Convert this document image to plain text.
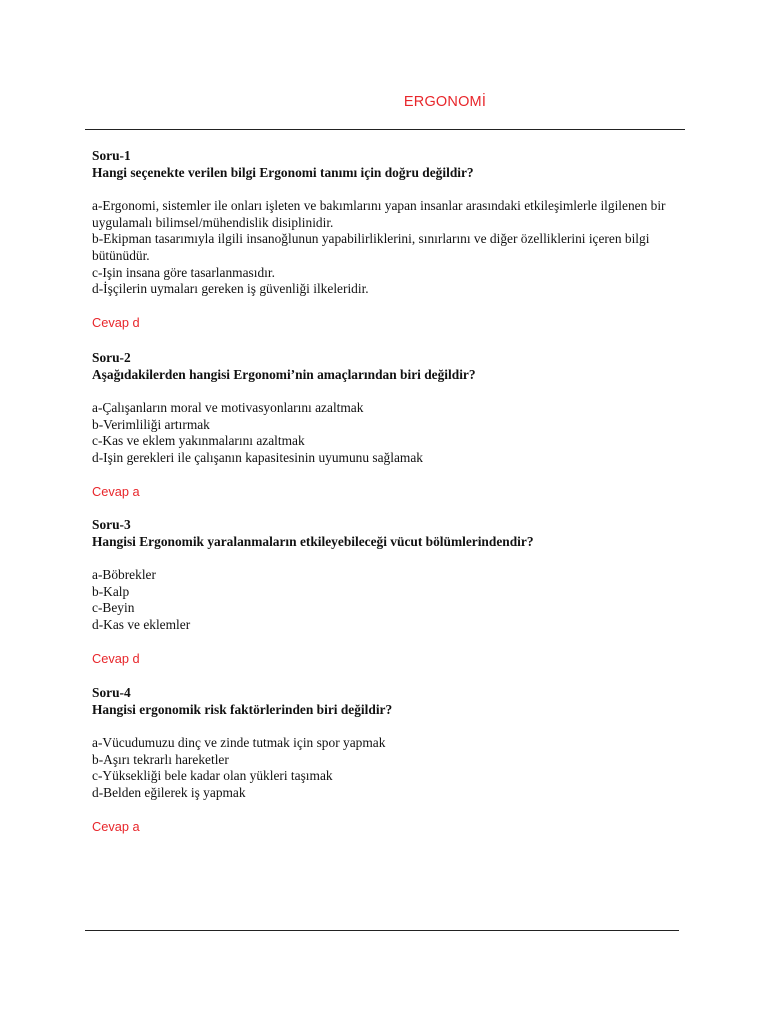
ERGONOMİ
Soru-1
Hangi seçenekte verilen bilgi Ergonomi tanımı için doğru değildir?
a-Ergonomi, sistemler ile onları işleten ve bakımlarını yapan insanlar arasındaki etkileşimlerle ilgilenen bir uygulamalı bilimsel/mühendislik disiplinidir.
b-Ekipman tasarımıyla ilgili insanoğlunun yapabilirliklerini, sınırlarını ve diğer özelliklerini içeren bilgi bütünüdür.
c-Işin insana göre tasarlanmasıdır.
d-İşçilerin uymaları gereken iş güvenliği ilkeleridir.
Cevap d
Soru-2
Aşağıdakilerden hangisi Ergonomi’nin amaçlarından biri değildir?
a-Çalışanların moral ve motivasyonlarını azaltmak
b-Verimliliği artırmak
c-Kas ve eklem yakınmalarını azaltmak
d-Işin gerekleri ile çalışanın kapasitesinin uyumunu sağlamak
Cevap a
Soru-3
Hangisi Ergonomik yaralanmaların etkileyebileceği vücut bölümlerindendir?
a-Böbrekler
b-Kalp
c-Beyin
d-Kas ve eklemler
Cevap d
Soru-4
Hangisi ergonomik risk faktörlerinden biri değildir?
a-Vücudumuzu dinç ve zinde tutmak için spor yapmak
b-Aşırı tekrarlı hareketler
c-Yüksekliği bele kadar olan yükleri taşımak
d-Belden eğilerek iş yapmak
Cevap a
